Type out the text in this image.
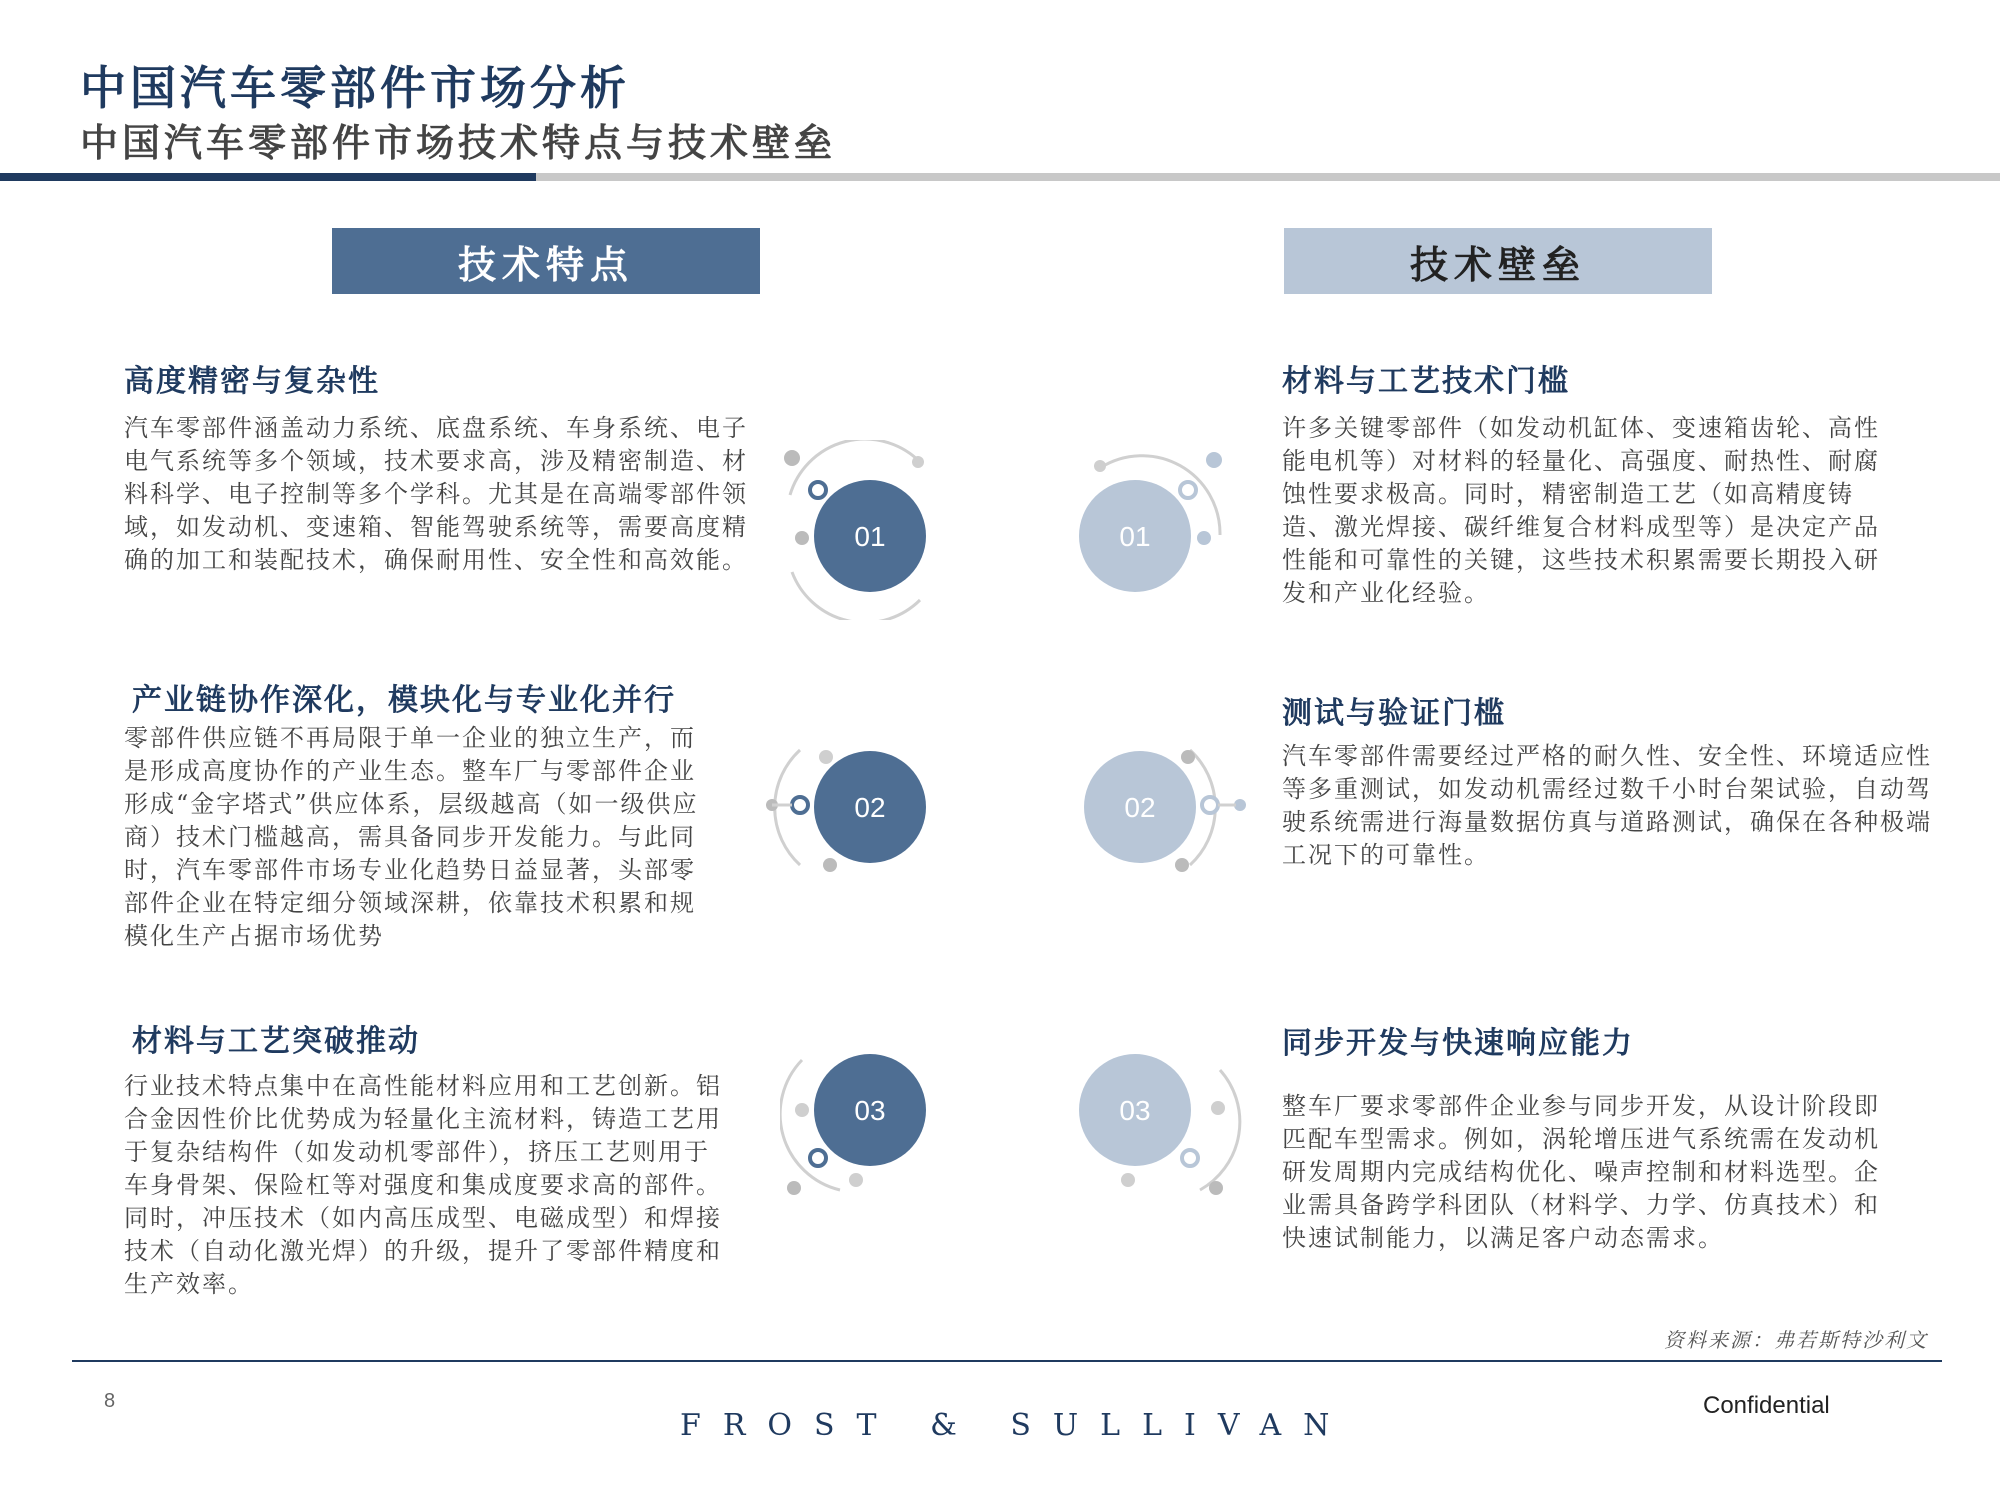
中国汽车零部件市场分析
中国汽车零部件市场技术特点与技术壁垒
技术特点	技术壁垒
高度精密与复杂性
汽车零部件涵盖动力系统、底盘系统、车身系统、电子电气系统等多个领域，技术要求高，涉及精密制造、材料科学、电子控制等多个学科。尤其是在高端零部件领域，如发动机、变速箱、智能驾驶系统等，需要高度精确的加工和装配技术，确保耐用性、安全性和高效能。
产业链协作深化，模块化与专业化并行
零部件供应链不再局限于单一企业的独立生产，而是形成高度协作的产业生态。整车厂与零部件企业形成“金字塔式”供应体系，层级越高（如一级供应商）技术门槛越高，需具备同步开发能力。与此同时，汽车零部件市场专业化趋势日益显著，头部零部件企业在特定细分领域深耕，依靠技术积累和规模化生产占据市场优势
材料与工艺突破推动
行业技术特点集中在高性能材料应用和工艺创新。铝合金因性价比优势成为轻量化主流材料，铸造工艺用于复杂结构件（如发动机零部件），挤压工艺则用于车身骨架、保险杠等对强度和集成度要求高的部件。同时，冲压技术（如内高压成型、电磁成型）和焊接技术（自动化激光焊）的升级，提升了零部件精度和生产效率。
材料与工艺技术门槛
许多关键零部件（如发动机缸体、变速箱齿轮、高性能电机等）对材料的轻量化、高强度、耐热性、耐腐蚀性要求极高。同时，精密制造工艺（如高精度铸造、激光焊接、碳纤维复合材料成型等）是决定产品性能和可靠性的关键，这些技术积累需要长期投入研发和产业化经验。
测试与验证门槛
汽车零部件需要经过严格的耐久性、安全性、环境适应性等多重测试，如发动机需经过数千小时台架试验，自动驾驶系统需进行海量数据仿真与道路测试，确保在各种极端工况下的可靠性。
同步开发与快速响应能力
整车厂要求零部件企业参与同步开发，从设计阶段即匹配车型需求。例如，涡轮增压进气系统需在发动机研发周期内完成结构优化、噪声控制和材料选型。企业需具备跨学科团队（材料学、力学、仿真技术）和快速试制能力，以满足客户动态需求。
01
02
03
01
02
03
资料来源：弗若斯特沙利文
8
FROST & SULLIVAN
Confidential
